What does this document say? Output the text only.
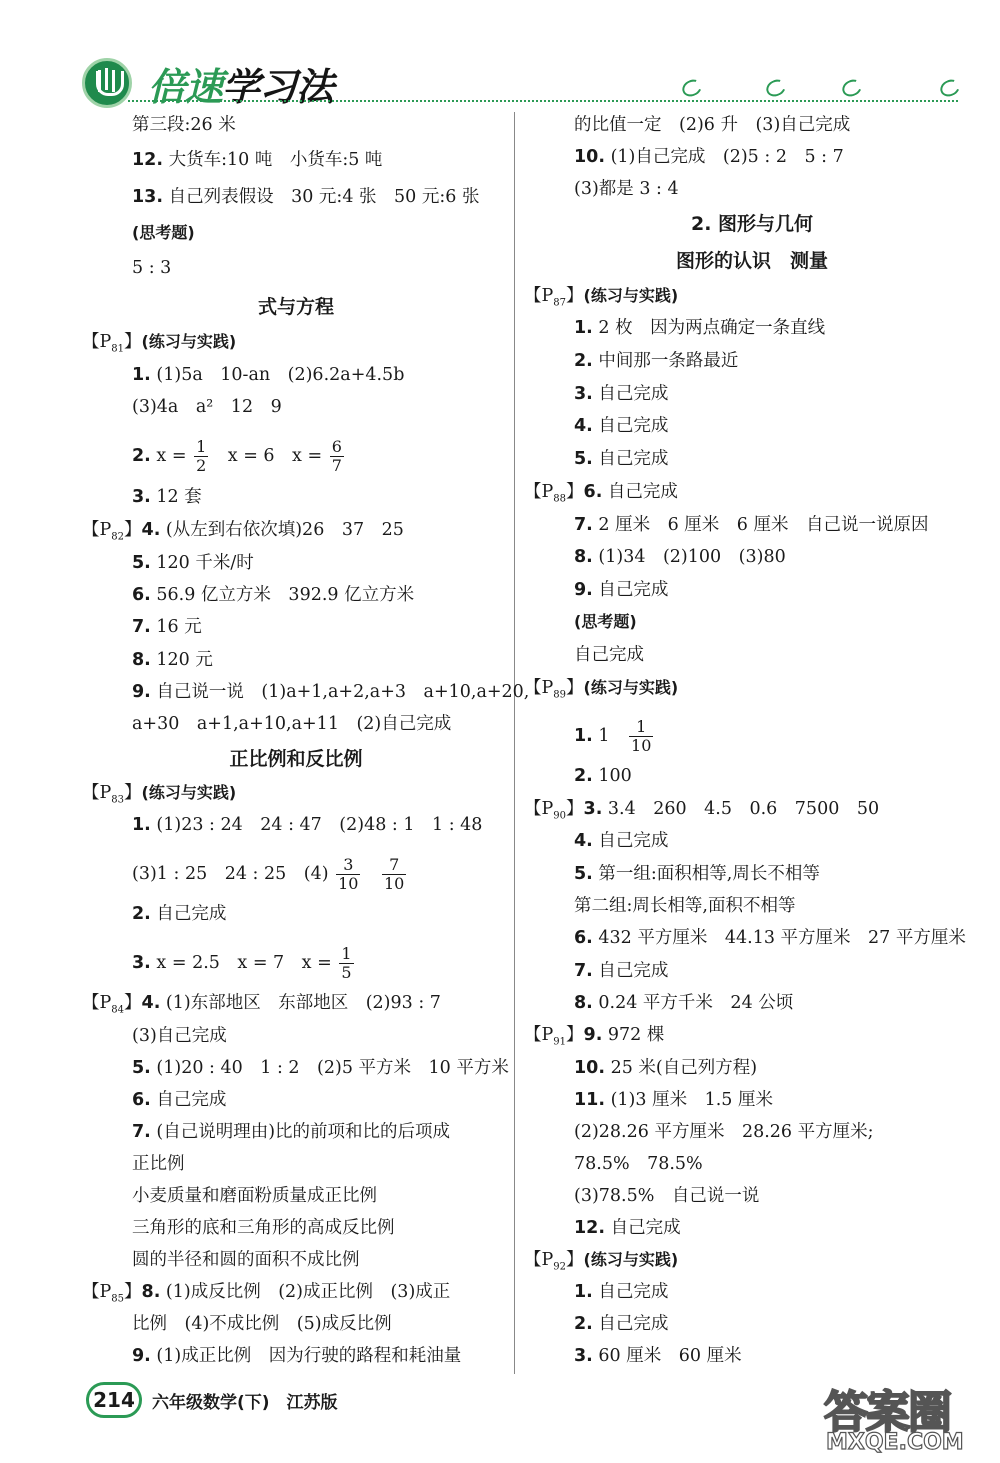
倍速学习法
第三段:26 米
12. 大货车:10 吨　小货车:5 吨
13. 自己列表假设　30 元:4 张　50 元:6 张
(思考题)
5 : 3
式与方程
【$P_{81}$】(练习与实践)
1. (1)5a　10-an　(2)6.2a+4.5b
(3)4a　a²　12　9
2. $x = \frac{1}{2}$ 　x = 6　$x = \frac{6}{7}$
3. 12 套
【$P_{82}$】4. (从左到右依次填)26　37　25
5. 120 千米/时
6. 56.9 亿立方米　392.9 亿立方米
7. 16 元
8. 120 元
9. 自己说一说　(1)a+1,a+2,a+3　a+10,a+20,
a+30　a+1,a+10,a+11　(2)自己完成
正比例和反比例
【$P_{83}$】(练习与实践)
1. (1)23 : 24　24 : 47　(2)48 : 1　1 : 48
(3)1 : 25　24 : 25　$(4) \frac{3}{10}$
　 $\frac{7}{10}$
2. 自己完成
3. x = 2.5　x = 7　$x = \frac{1}{5}$
【$P_{84}$】4. (1)东部地区　东部地区　(2)93 : 7
(3)自己完成
5. (1)20 : 40　1 : 2　(2)5 平方米　10 平方米
6. 自己完成
7. (自己说明理由)比的前项和比的后项成
正比例
小麦质量和磨面粉质量成正比例
三角形的底和三角形的高成反比例
圆的半径和圆的面积不成比例
【$P_{85}$】8. (1)成反比例　(2)成正比例　(3)成正
比例　(4)不成比例　(5)成反比例
9. (1)成正比例　因为行驶的路程和耗油量
的比值一定　(2)6 升　(3)自己完成
10. (1)自己完成　(2)5 : 2　5 : 7
(3)都是 3 : 4
2. 图形与几何
图形的认识　测量
【$P_{87}$】(练习与实践)
1. 2 枚　因为两点确定一条直线
2. 中间那一条路最近
3. 自己完成
4. 自己完成
5. 自己完成
【$P_{88}$】6. 自己完成
7. 2 厘米　6 厘米　6 厘米　自己说一说原因
8. (1)34　(2)100　(3)80
9. 自己完成
(思考题)
自己完成
【$P_{89}$】(练习与实践)
1. 1　 $\frac{1}{10}$
2. 100
【$P_{90}$】3. 3.4　260　4.5　0.6　7500　50
4. 自己完成
5. 第一组:面积相等,周长不相等
第二组:周长相等,面积不相等
6. 432 平方厘米　44.13 平方厘米　27 平方厘米
7. 自己完成
8. 0.24 平方千米　24 公顷
【$P_{91}$】9. 972 棵
10. 25 米(自己列方程)
11. (1)3 厘米　1.5 厘米
(2)28.26 平方厘米　28.26 平方厘米;
78.5%　78.5%
(3)78.5%　自己说一说
12. 自己完成
【$P_{92}$】(练习与实践)
1. 自己完成
2. 自己完成
3. 60 厘米　60 厘米
214	六年级数学(下)　江苏版	答案圈
MXQE.COM
